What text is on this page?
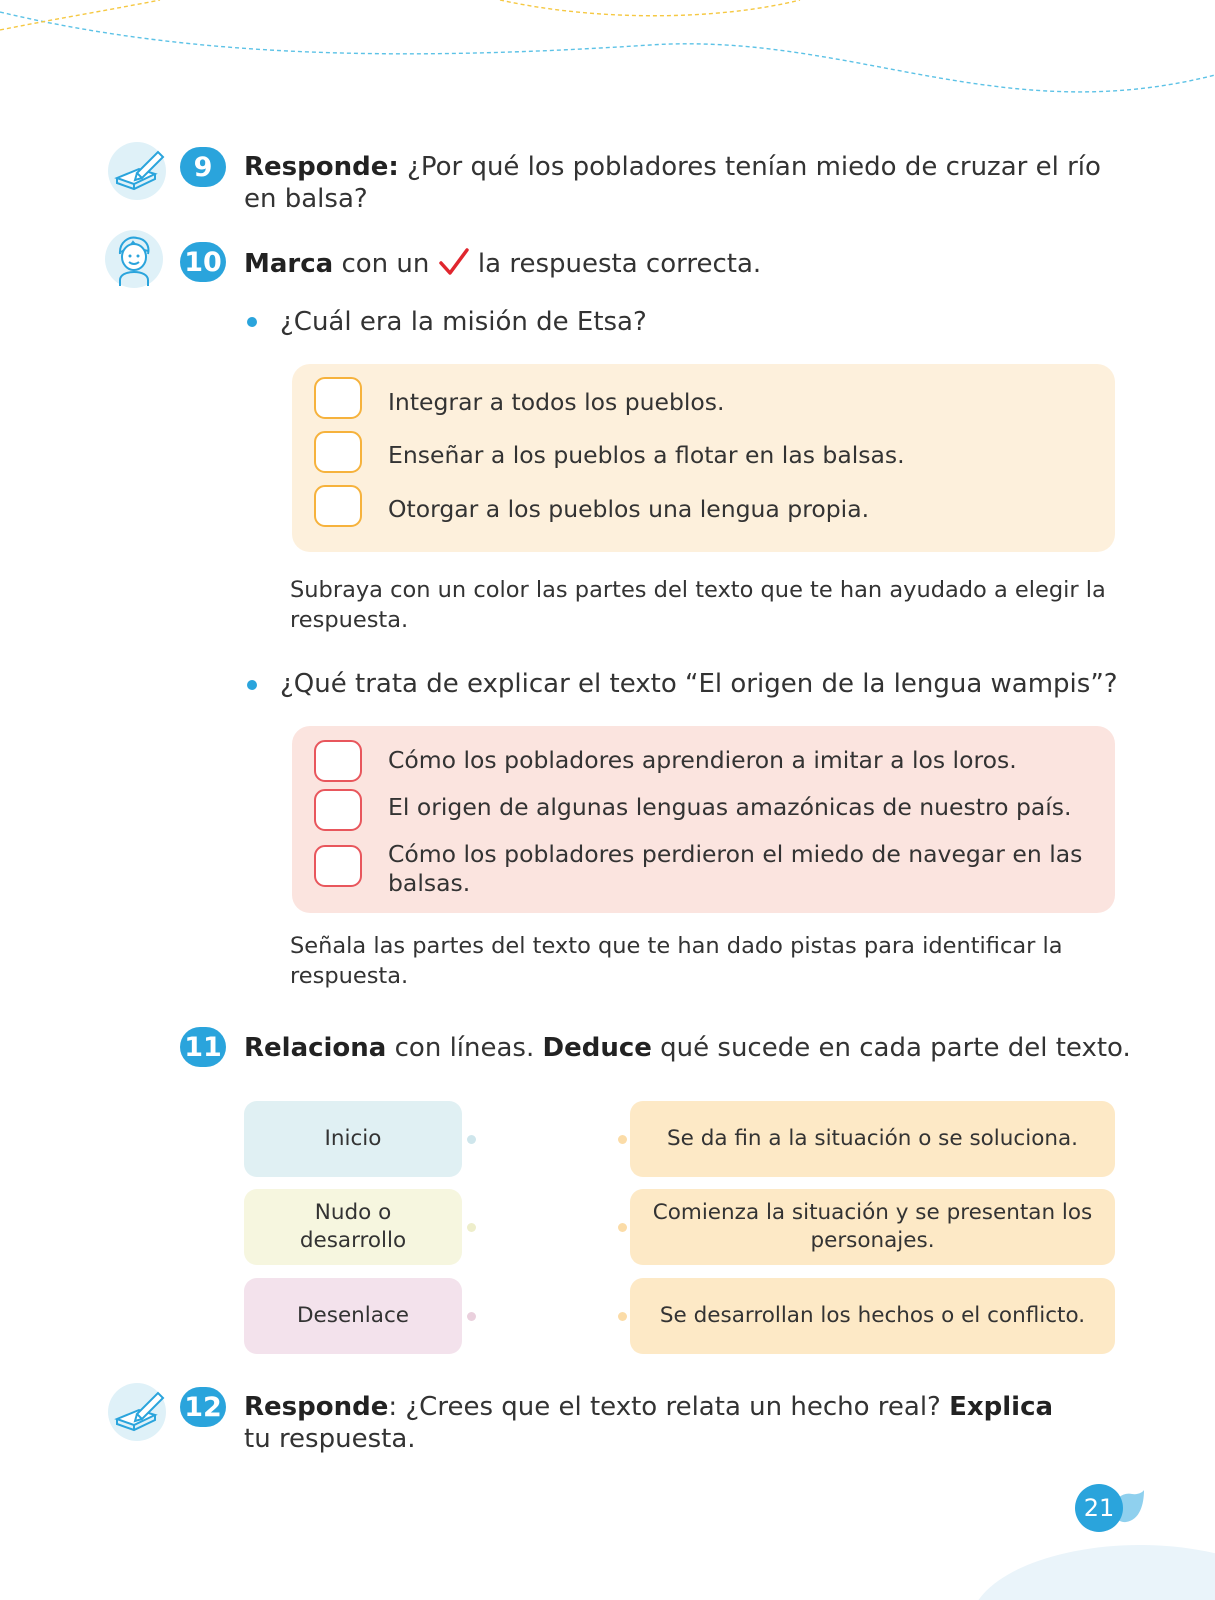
9	Responde: ¿Por qué los pobladores tenían miedo de cruzar el río en balsa?
10 Marca con un  la respuesta correcta.
¿Cuál era la misión de Etsa?
Integrar a todos los pueblos.
Enseñar a los pueblos a flotar en las balsas.
Otorgar a los pueblos una lengua propia.
Subraya con un color las partes del texto que te han ayudado a elegir la respuesta.
¿Qué trata de explicar el texto “El origen de la lengua wampis”?
Cómo los pobladores aprendieron a imitar a los loros.
El origen de algunas lenguas amazónicas de nuestro país.
Cómo los pobladores perdieron el miedo de navegar en las balsas.
Señala las partes del texto que te han dado pistas para identificar la respuesta.
11 Relaciona con líneas. Deduce qué sucede en cada parte del texto.
Inicio
Nudo o desarrollo
Desenlace
Se da fin a la situación o se soluciona.
Comienza la situación y se presentan los personajes.
Se desarrollan los hechos o el conflicto.
12 Responde: ¿Crees que el texto relata un hecho real? Explica tu respuesta.
21
